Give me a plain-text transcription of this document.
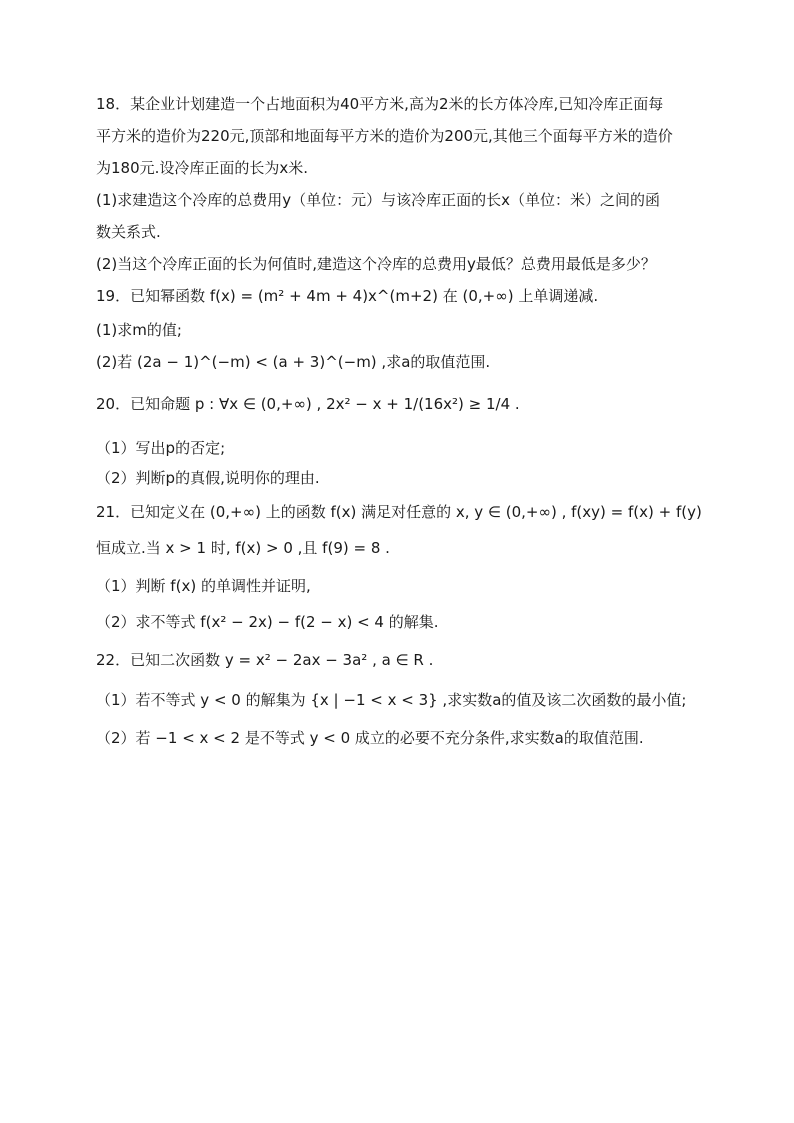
18．某企业计划建造一个占地面积为40平方米,高为2米的长方体冷库,已知冷库正面每
平方米的造价为220元,顶部和地面每平方米的造价为200元,其他三个面每平方米的造价
为180元.设冷库正面的长为x米.
(1)求建造这个冷库的总费用y（单位：元）与该冷库正面的长x（单位：米）之间的函
数关系式.
(2)当这个冷库正面的长为何值时,建造这个冷库的总费用y最低？总费用最低是多少？
19．已知幂函数 f(x) = (m² + 4m + 4)x^(m+2) 在 (0,+∞) 上单调递减.
(1)求m的值;
(2)若 (2a − 1)^(−m) < (a + 3)^(−m) ,求a的取值范围.
20．已知命题 p : ∀x ∈ (0,+∞) , 2x² − x + 1/(16x²) ≥ 1/4 .
（1）写出p的否定;
（2）判断p的真假,说明你的理由.
21．已知定义在 (0,+∞) 上的函数 f(x) 满足对任意的 x, y ∈ (0,+∞) , f(xy) = f(x) + f(y)
恒成立.当 x > 1 时, f(x) > 0 ,且 f(9) = 8 .
（1）判断 f(x) 的单调性并证明,
（2）求不等式 f(x² − 2x) − f(2 − x) < 4 的解集.
22．已知二次函数 y = x² − 2ax − 3a² , a ∈ R .
（1）若不等式 y < 0 的解集为 {x | −1 < x < 3} ,求实数a的值及该二次函数的最小值;
（2）若 −1 < x < 2 是不等式 y < 0 成立的必要不充分条件,求实数a的取值范围.
